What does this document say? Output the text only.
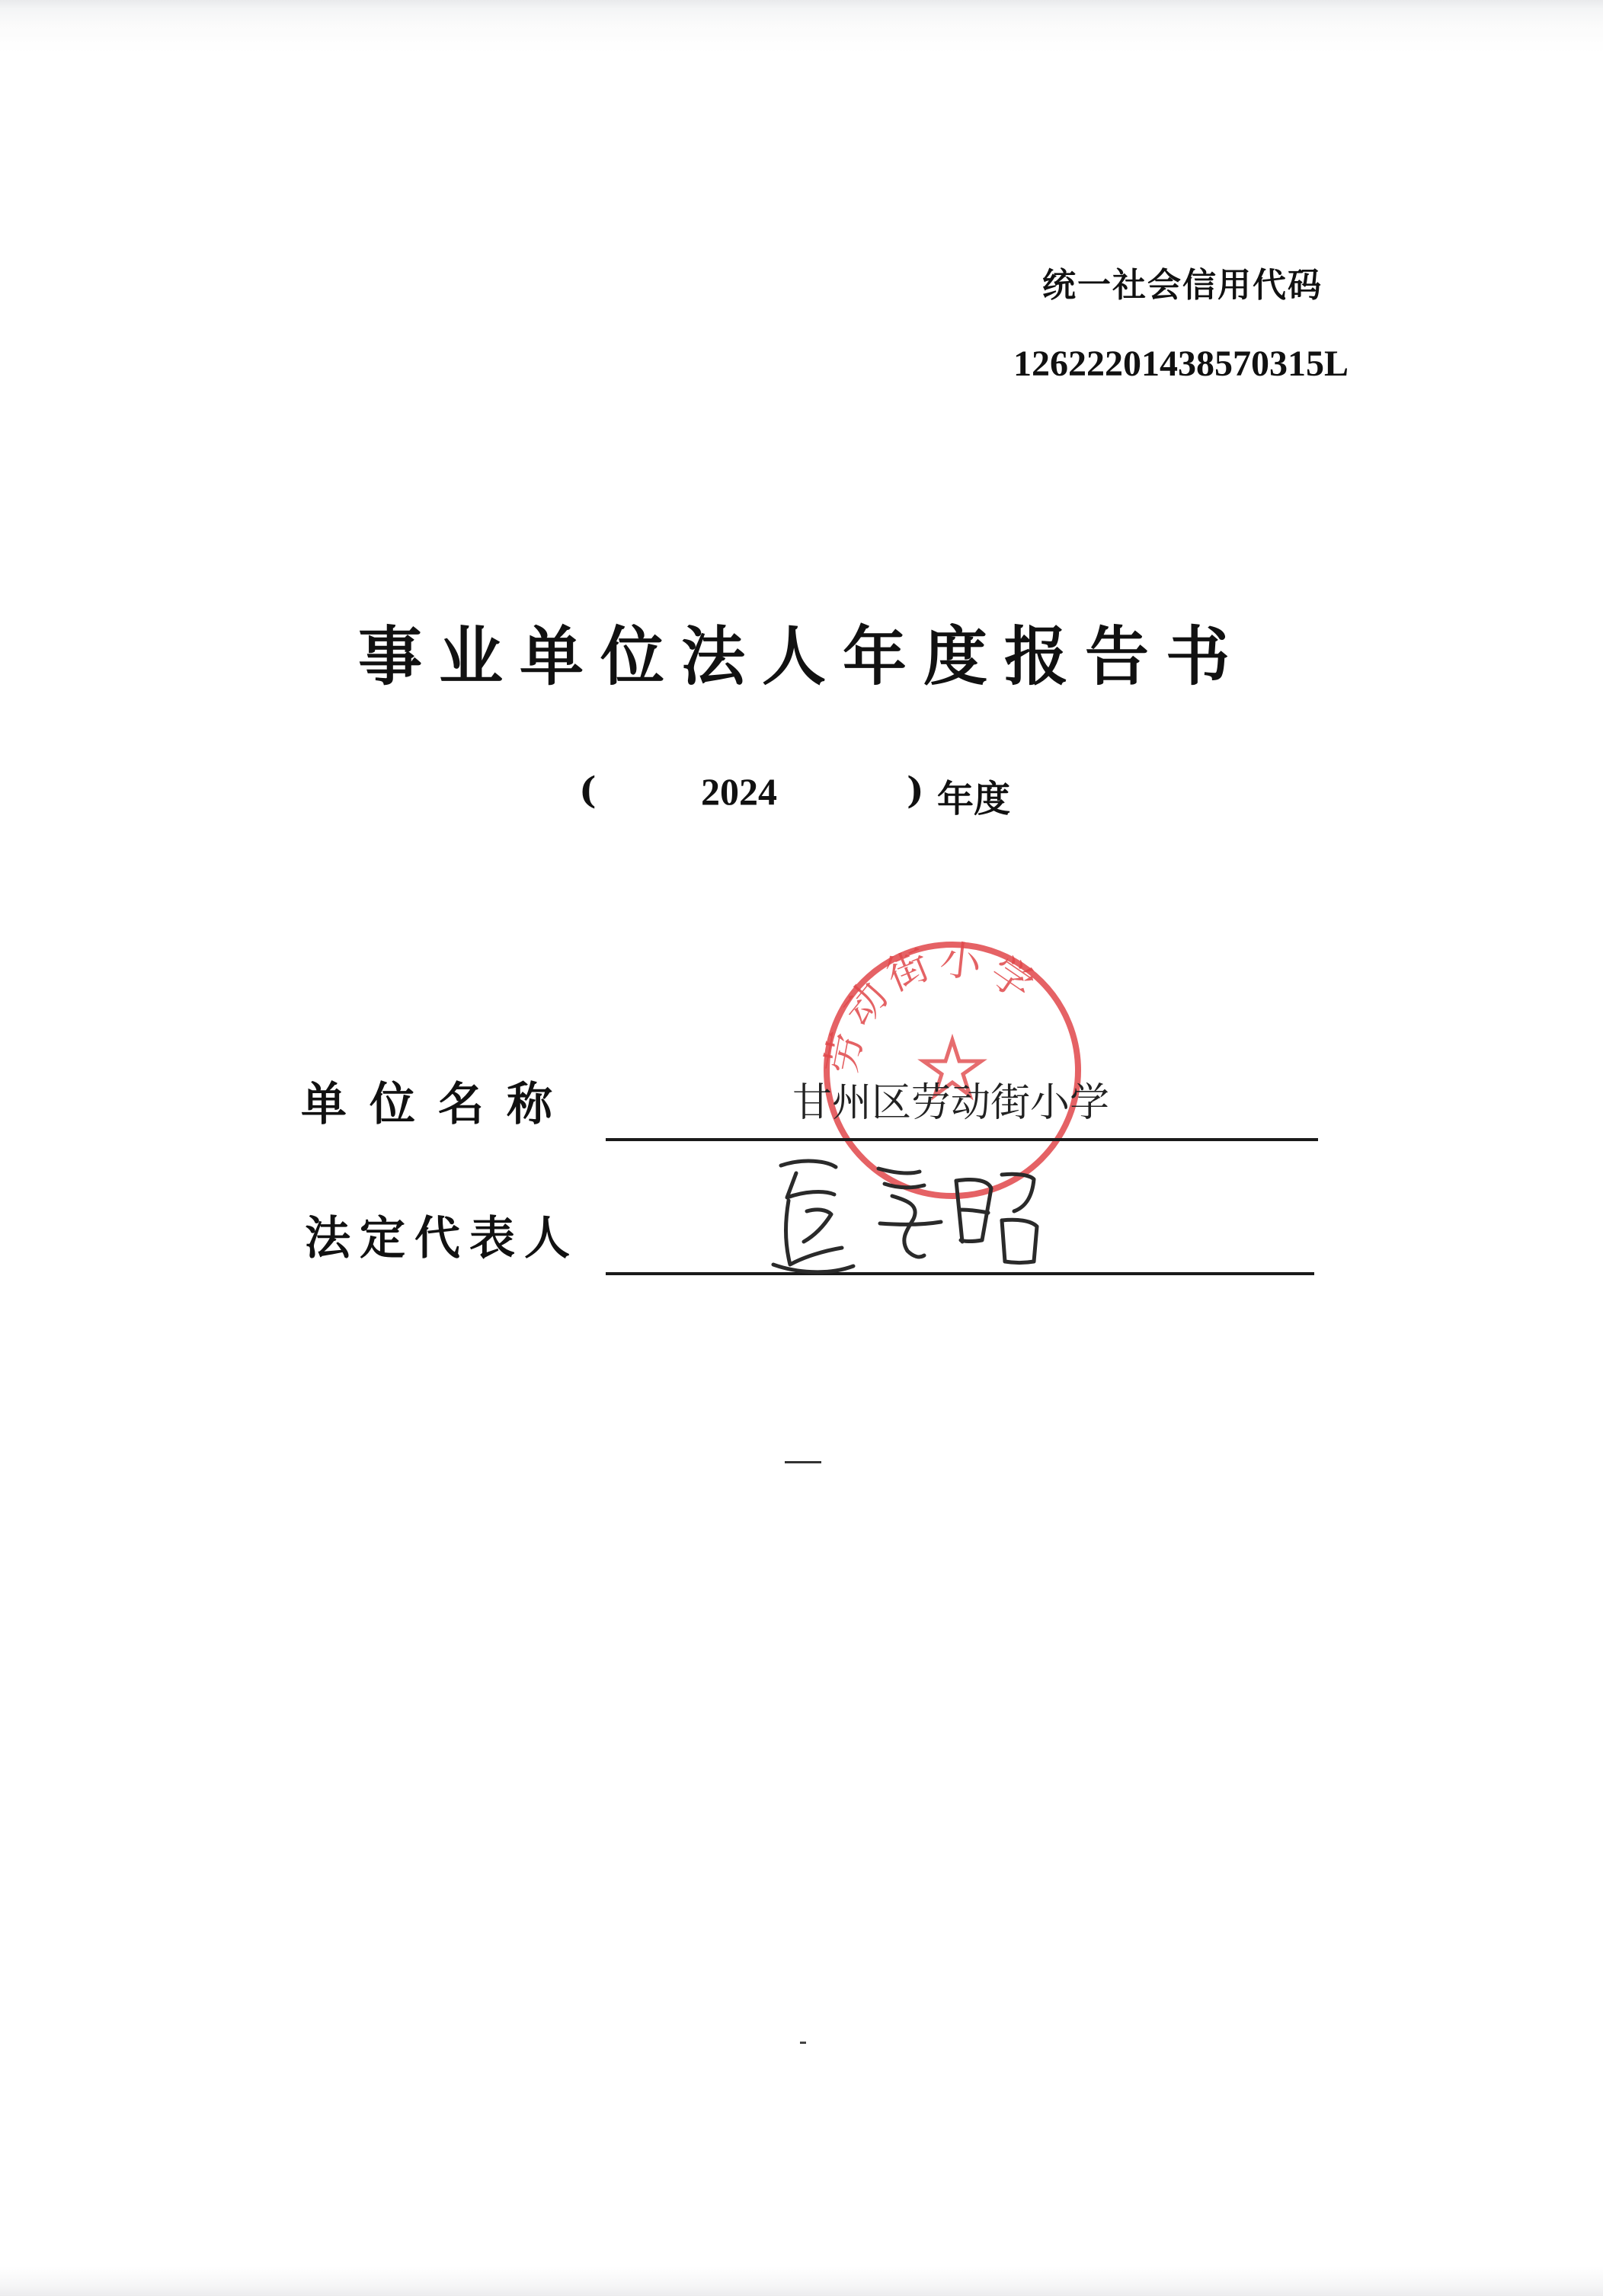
统一社会信用代码
12622201438570315L
事业单位法人年度报告书
(	2024	) 年度
劳动街小学
单位名称	甘州区劳动街小学
法定代表人
